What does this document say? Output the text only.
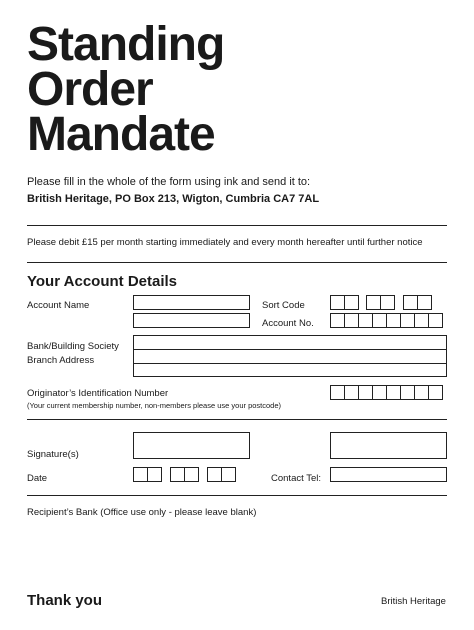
Standing
Order
Mandate
Please fill in the whole of the form using ink and send it to:
British Heritage, PO Box 213, Wigton, Cumbria CA7 7AL
Please debit £15 per month starting immediately and every month hereafter until further notice
Your Account Details
Account Name	Sort Code
Account No.
Bank/Building Society
Branch Address
Originator’s Identification Number
(Your current membership number, non-members please use your postcode)
Signature(s)
Date	Contact Tel:
Recipient’s Bank (Office use only - please leave blank)
Thank you	British Heritage
